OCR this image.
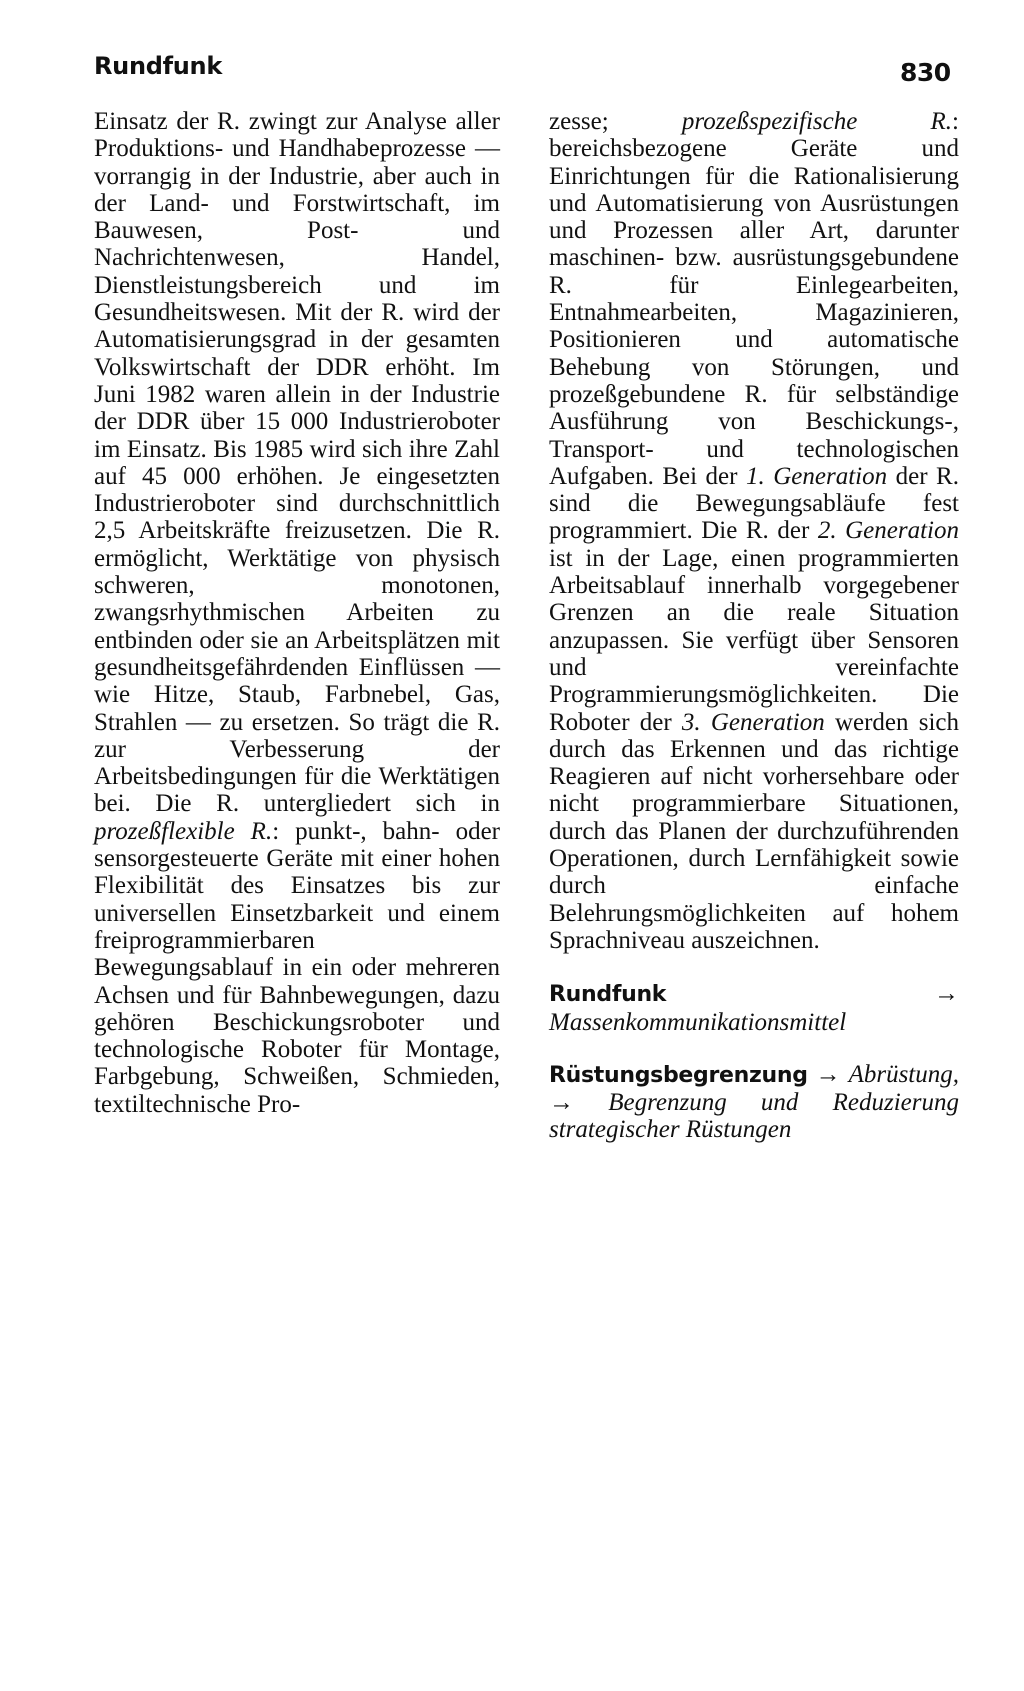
Rundfunk	830

Einsatz der R. zwingt zur Analyse aller Produktions- und Handhabeprozesse — vorrangig in der Industrie, aber auch in der Land- und Forstwirtschaft, im Bauwesen, Post- und Nachrichtenwesen, Handel, Dienstleistungsbereich und im Gesundheitswesen. Mit der R. wird der Automatisierungsgrad in der gesamten Volkswirtschaft der DDR erhöht. Im Juni 1982 waren allein in der Industrie der DDR über 15 000 Industrieroboter im Einsatz. Bis 1985 wird sich ihre Zahl auf 45 000 erhöhen. Je eingesetzten Industrieroboter sind durchschnittlich 2,5 Arbeitskräfte freizusetzen. Die R. ermöglicht, Werktätige von physisch schweren, monotonen, zwangsrhythmischen Arbeiten zu entbinden oder sie an Arbeitsplätzen mit gesundheitsgefährdenden Einflüssen — wie Hitze, Staub, Farbnebel, Gas, Strahlen — zu ersetzen. So trägt die R. zur Verbesserung der Arbeitsbedingungen für die Werktätigen bei. Die R. untergliedert sich in prozeßflexible R.: punkt-, bahn- oder sensorgesteuerte Geräte mit einer hohen Flexibilität des Einsatzes bis zur universellen Einsetzbarkeit und einem freiprogrammierbaren Bewegungsablauf in ein oder mehreren Achsen und für Bahnbewegungen, dazu gehören Beschickungsroboter und technologische Roboter für Montage, Farbgebung, Schweißen, Schmieden, textiltechnische Pro-

zesse; prozeßspezifische R.: bereichsbezogene Geräte und Einrichtungen für die Rationalisierung und Automatisierung von Ausrüstungen und Prozessen aller Art, darunter maschinen- bzw. ausrüstungsgebundene R. für Einlegearbeiten, Entnahmearbeiten, Magazinieren, Positionieren und automatische Behebung von Störungen, und prozeßgebundene R. für selbständige Ausführung von Beschickungs-, Transport- und technologischen Aufgaben. Bei der 1. Generation der R. sind die Bewegungsabläufe fest programmiert. Die R. der 2. Generation ist in der Lage, einen programmierten Arbeitsablauf innerhalb vorgegebener Grenzen an die reale Situation anzupassen. Sie verfügt über Sensoren und vereinfachte Programmierungsmöglichkeiten. Die Roboter der 3. Generation werden sich durch das Erkennen und das richtige Reagieren auf nicht vorhersehbare oder nicht programmierbare Situationen, durch das Planen der durchzuführenden Operationen, durch Lernfähigkeit sowie durch einfache Belehrungsmöglichkeiten auf hohem Sprachniveau auszeichnen.

Rundfunk	→ Massenkommunikationsmittel

Rüstungsbegrenzung → Abrüstung, → Begrenzung und Reduzierung strategischer Rüstungen
